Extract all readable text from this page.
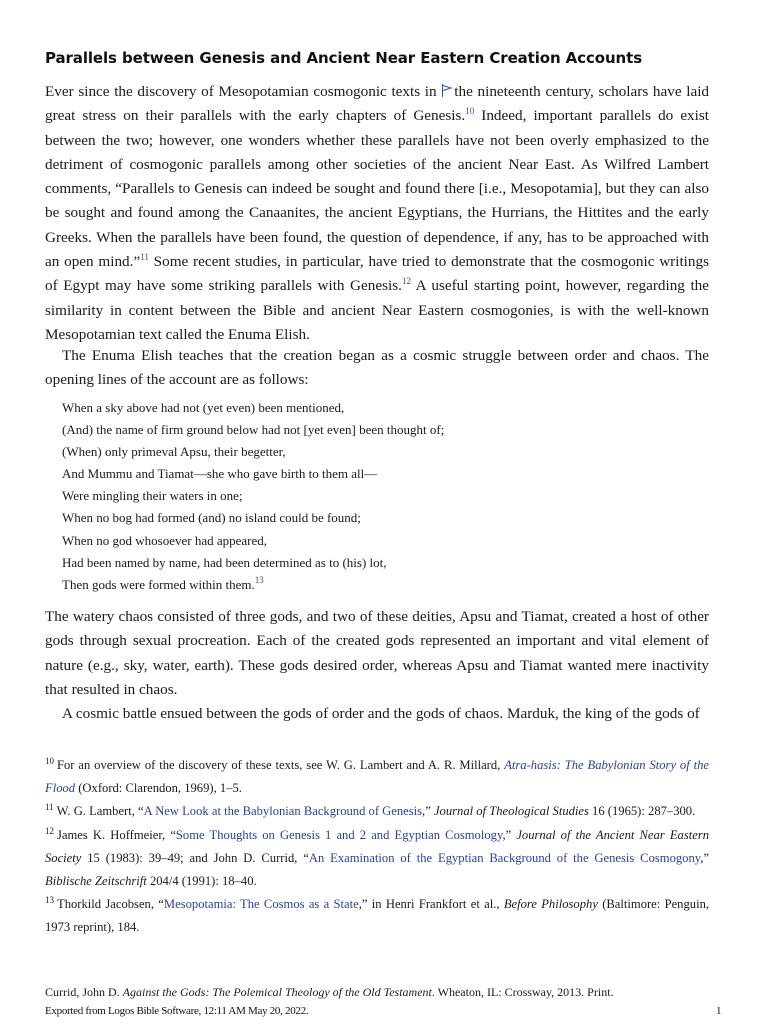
Parallels between Genesis and Ancient Near Eastern Creation Accounts
Ever since the discovery of Mesopotamian cosmogonic texts in the nineteenth century, scholars have laid great stress on their parallels with the early chapters of Genesis.$^{10}$ Indeed, important parallels do exist between the two; however, one wonders whether these parallels have not been overly emphasized to the detriment of cosmogonic parallels among other societies of the ancient Near East. As Wilfred Lambert comments, “Parallels to Genesis can indeed be sought and found there [i.e., Mesopotamia], but they can also be sought and found among the Canaanites, the ancient Egyptians, the Hurrians, the Hittites and the early Greeks. When the parallels have been found, the question of dependence, if any, has to be approached with an open mind.”$^{11}$ Some recent studies, in particular, have tried to demonstrate that the cosmogonic writings of Egypt may have some striking parallels with Genesis.$^{12}$ A useful starting point, however, regarding the similarity in content between the Bible and ancient Near Eastern cosmogonies, is with the well-known Mesopotamian text called the Enuma Elish.
The Enuma Elish teaches that the creation began as a cosmic struggle between order and chaos. The opening lines of the account are as follows:
When a sky above had not (yet even) been mentioned,
(And) the name of firm ground below had not [yet even] been thought of;
(When) only primeval Apsu, their begetter,
And Mummu and Tiamat—she who gave birth to them all—
Were mingling their waters in one;
When no bog had formed (and) no island could be found;
When no god whosoever had appeared,
Had been named by name, had been determined as to (his) lot,
Then gods were formed within them.$^{13}$
The watery chaos consisted of three gods, and two of these deities, Apsu and Tiamat, created a host of other gods through sexual procreation. Each of the created gods represented an important and vital element of nature (e.g., sky, water, earth). These gods desired order, whereas Apsu and Tiamat wanted mere inactivity that resulted in chaos.
A cosmic battle ensued between the gods of order and the gods of chaos. Marduk, the king of the gods of
$^{10}$ For an overview of the discovery of these texts, see W. G. Lambert and A. R. Millard, Atra-hasis: The Babylonian Story of the Flood (Oxford: Clarendon, 1969), 1–5.
$^{11}$ W. G. Lambert, “A New Look at the Babylonian Background of Genesis,” Journal of Theological Studies 16 (1965): 287–300.
$^{12}$ James K. Hoffmeier, “Some Thoughts on Genesis 1 and 2 and Egyptian Cosmology,” Journal of the Ancient Near Eastern Society 15 (1983): 39–49; and John D. Currid, “An Examination of the Egyptian Background of the Genesis Cosmogony,” Biblische Zeitschrift 204/4 (1991): 18–40.
$^{13}$ Thorkild Jacobsen, “Mesopotamia: The Cosmos as a State,” in Henri Frankfort et al., Before Philosophy (Baltimore: Penguin, 1973 reprint), 184.
Currid, John D. Against the Gods: The Polemical Theology of the Old Testament. Wheaton, IL: Crossway, 2013. Print.
Exported from Logos Bible Software, 12:11 AM May 20, 2022.	1
